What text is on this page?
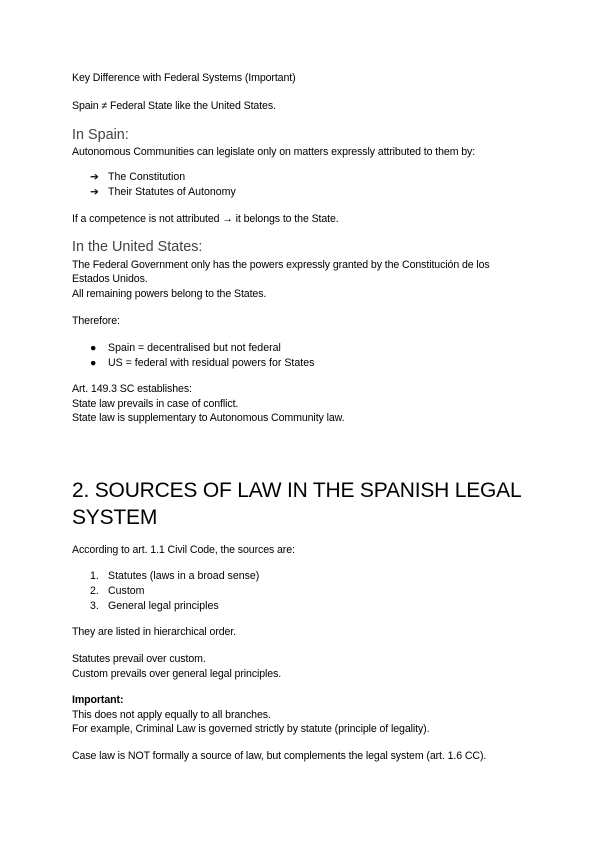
Key Difference with Federal Systems (Important)
Spain ≠ Federal State like the United States.
In Spain:
Autonomous Communities can legislate only on matters expressly attributed to them by:
➔ The Constitution
➔ Their Statutes of Autonomy
If a competence is not attributed → it belongs to the State.
In the United States:
The Federal Government only has the powers expressly granted by the Constitución de los
Estados Unidos.
All remaining powers belong to the States.
Therefore:
● Spain = decentralised but not federal
● US = federal with residual powers for States
Art. 149.3 SC establishes:
State law prevails in case of conflict.
State law is supplementary to Autonomous Community law.
2. SOURCES OF LAW IN THE SPANISH LEGAL
SYSTEM
According to art. 1.1 Civil Code, the sources are:
1. Statutes (laws in a broad sense)
2. Custom
3. General legal principles
They are listed in hierarchical order.
Statutes prevail over custom.
Custom prevails over general legal principles.
Important:
This does not apply equally to all branches.
For example, Criminal Law is governed strictly by statute (principle of legality).
Case law is NOT formally a source of law, but complements the legal system (art. 1.6 CC).
